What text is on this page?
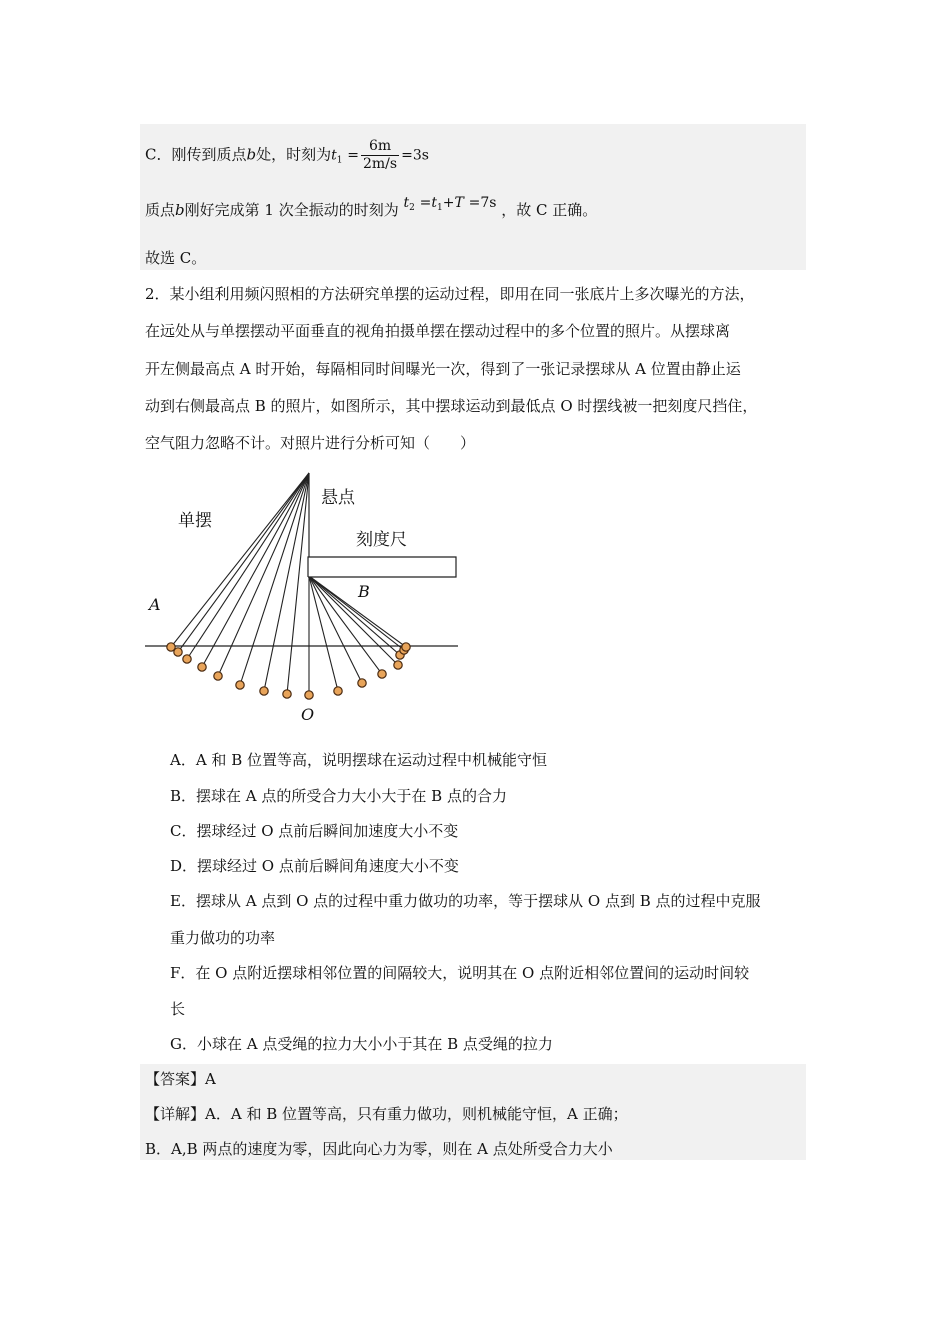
C．刚传到质点b处，时刻为$t_1 = \frac{6m}{2m/s} =3s$
质点b刚好完成第 1 次全振动的时刻为 $t_2 =t_1+T =7s$ ，故 C 正确。
故选 C。
2．某小组利用频闪照相的方法研究单摆的运动过程，即用在同一张底片上多次曝光的方法，
在远处从与单摆摆动平面垂直的视角拍摄单摆在摆动过程中的多个位置的照片。从摆球离
开左侧最高点 A 时开始，每隔相同时间曝光一次，得到了一张记录摆球从 A 位置由静止运
动到右侧最高点 B 的照片，如图所示，其中摆球运动到最低点 O 时摆线被一把刻度尺挡住，
空气阻力忽略不计。对照片进行分析可知（　　）
单摆
悬点
刻度尺
A
B
O
A．A 和 B 位置等高，说明摆球在运动过程中机械能守恒
B．摆球在 A 点的所受合力大小大于在 B 点的合力
C．摆球经过 O 点前后瞬间加速度大小不变
D．摆球经过 O 点前后瞬间角速度大小不变
E．摆球从 A 点到 O 点的过程中重力做功的功率，等于摆球从 O 点到 B 点的过程中克服
重力做功的功率
F．在 O 点附近摆球相邻位置的间隔较大，说明其在 O 点附近相邻位置间的运动时间较
长
G．小球在 A 点受绳的拉力大小小于其在 B 点受绳的拉力
【答案】A
【详解】A．A 和 B 位置等高，只有重力做功，则机械能守恒，A 正确；
B．A,B 两点的速度为零，因此向心力为零，则在 A 点处所受合力大小
